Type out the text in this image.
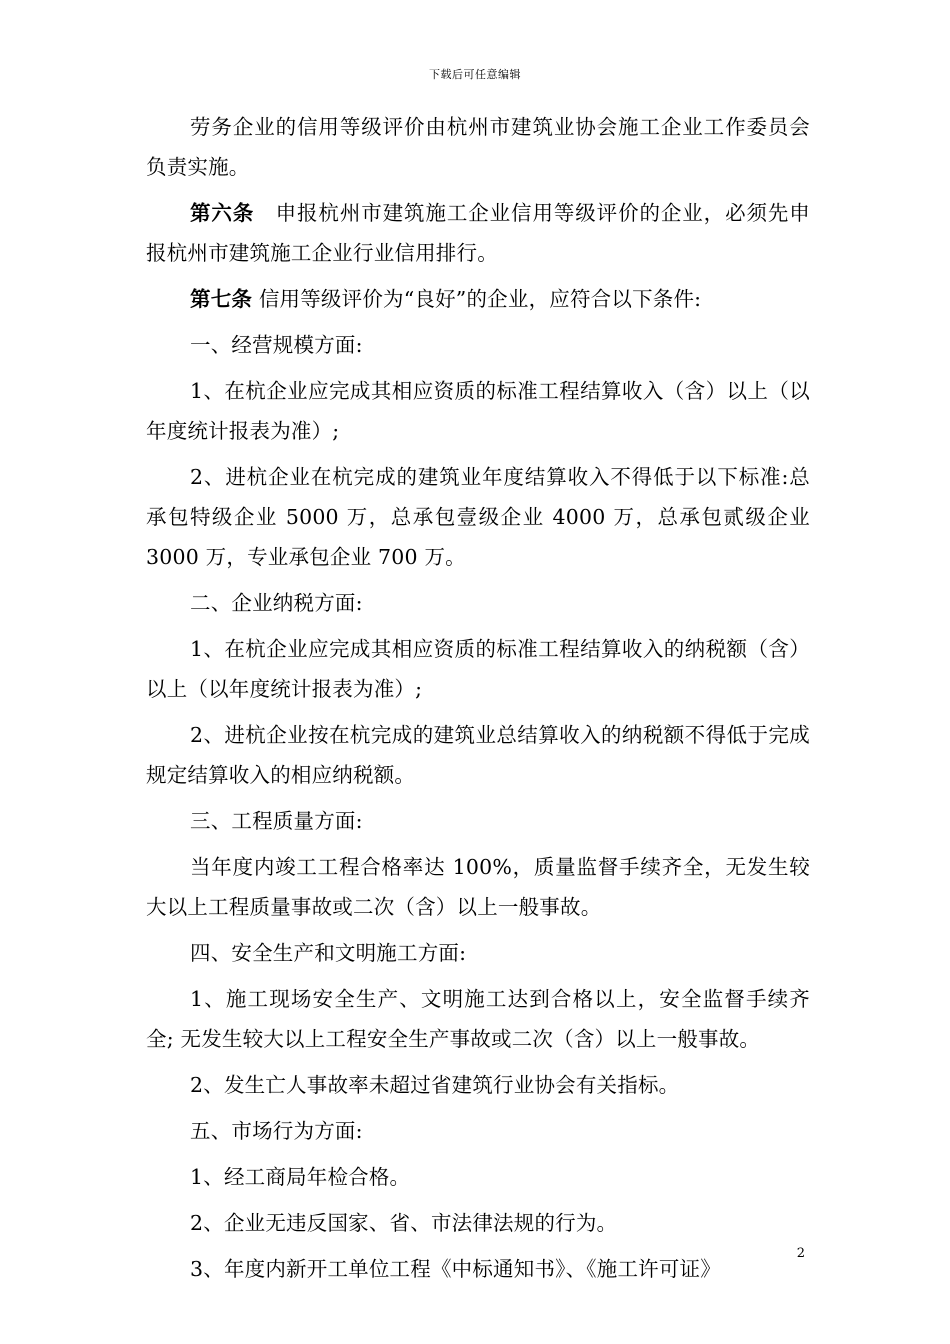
下载后可任意编辑

劳务企业的信用等级评价由杭州市建筑业协会施工企业工作委员会负责实施。

第六条　申报杭州市建筑施工企业信用等级评价的企业，必须先申报杭州市建筑施工企业行业信用排行。

第七条 信用等级评价为“良好”的企业，应符合以下条件:

一、经营规模方面:

1、在杭企业应完成其相应资质的标准工程结算收入（含）以上（以年度统计报表为准）;

2、进杭企业在杭完成的建筑业年度结算收入不得低于以下标准:总承包特级企业 5000 万，总承包壹级企业 4000 万，总承包贰级企业 3000 万，专业承包企业 700 万。

二、企业纳税方面:

1、在杭企业应完成其相应资质的标准工程结算收入的纳税额（含）以上（以年度统计报表为准）;

2、进杭企业按在杭完成的建筑业总结算收入的纳税额不得低于完成规定结算收入的相应纳税额。

三、工程质量方面:

当年度内竣工工程合格率达 100%，质量监督手续齐全，无发生较大以上工程质量事故或二次（含）以上一般事故。

四、安全生产和文明施工方面:

1、施工现场安全生产、文明施工达到合格以上，安全监督手续齐全; 无发生较大以上工程安全生产事故或二次（含）以上一般事故。

2、发生亡人事故率未超过省建筑行业协会有关指标。

五、市场行为方面:

1、经工商局年检合格。

2、企业无违反国家、省、市法律法规的行为。

3、年度内新开工单位工程《中标通知书》、《施工许可证》

2
